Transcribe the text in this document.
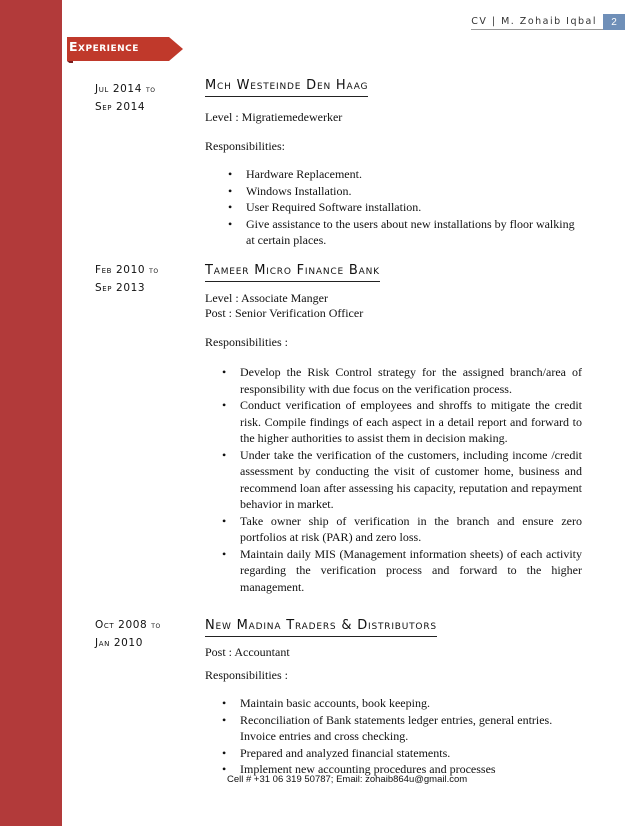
CV | M. Zohaib Iqbal	2
Experience
Jul 2014 to
Sep 2014
Mch Westeinde Den Haag
Level : Migratiemedewerker
Responsibilities:
• Hardware Replacement.
• Windows Installation.
• User Required Software installation.
• Give assistance to the users about new installations by floor walking at certain places.
Feb 2010 to
Sep 2013
Tameer Micro Finance Bank
Level : Associate Manger
Post : Senior Verification Officer
Responsibilities :
• Develop the Risk Control strategy for the assigned branch/area of responsibility with due focus on the verification process.
• Conduct verification of employees and shroffs to mitigate the credit risk. Compile findings of each aspect in a detail report and forward to the higher authorities to assist them in decision making.
• Under take the verification of the customers, including income /credit assessment by conducting the visit of customer home, business and recommend loan after assessing his capacity, reputation and repayment behavior in market.
• Take owner ship of verification in the branch and ensure zero portfolios at risk (PAR) and zero loss.
• Maintain daily MIS (Management information sheets) of each activity regarding the verification process and forward to the higher management.
Oct 2008 to
Jan 2010
New Madina Traders & Distributors
Post : Accountant
Responsibilities :
• Maintain basic accounts, book keeping.
• Reconciliation of Bank statements ledger entries, general entries. Invoice entries and cross checking.
• Prepared and analyzed financial statements.
• Implement new accounting procedures and processes
Cell # +31 06 319 50787; Email: zohaib864u@gmail.com
